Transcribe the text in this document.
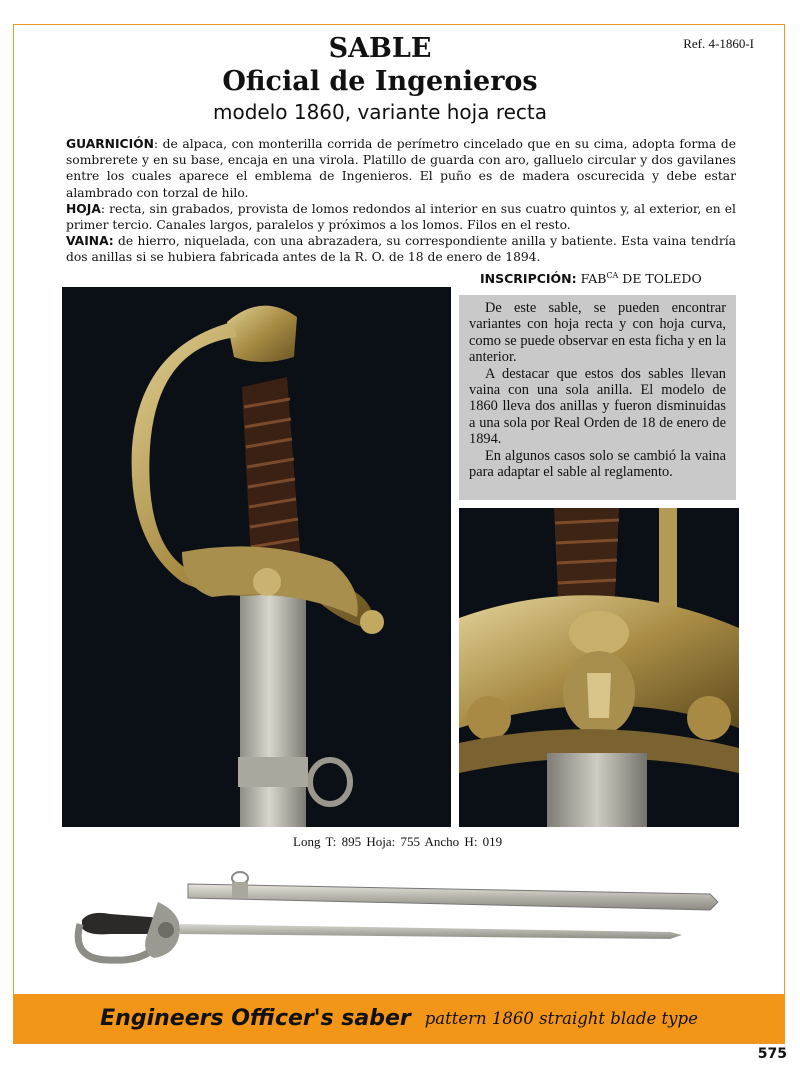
Ref. 4-1860-I
SABLE
Oficial de Ingenieros
modelo 1860, variante hoja recta

GUARNICIÓN: de alpaca, con monterilla corrida de perímetro cincelado que en su cima, adopta forma de sombrerete y en su base, encaja en una virola. Platillo de guarda con aro, galluelo circular y dos gavilanes entre los cuales aparece el emblema de Ingenieros. El puño es de madera oscurecida y debe estar alambrado con torzal de hilo.

HOJA: recta, sin grabados, provista de lomos redondos al interior en sus cuatro quintos y, al exterior, en el primer tercio. Canales largos, paralelos y próximos a los lomos. Filos en el resto.

VAINA: de hierro, niquelada, con una abrazadera, su correspondiente anilla y batiente. Esta vaina tendría dos anillas si se hubiera fabricada antes de la R. O. de 18 de enero de 1894.

INSCRIPCIÓN: $FAB^{CA}$ DE TOLEDO

De este sable, se pueden encontrar variantes con hoja recta y con hoja curva, como se puede observar en esta ficha y en la anterior.

A destacar que estos dos sables llevan vaina con una sola anilla. El modelo de 1860 lleva dos anillas y fueron disminuidas a una sola por Real Orden de 18 de enero de 1894.

En algunos casos solo se cambió la vaina para adaptar el sable al reglamento.

Long T: 895 Hoja: 755 Ancho H: 019
Engineers Officer's saber pattern 1860 straight blade type
575
